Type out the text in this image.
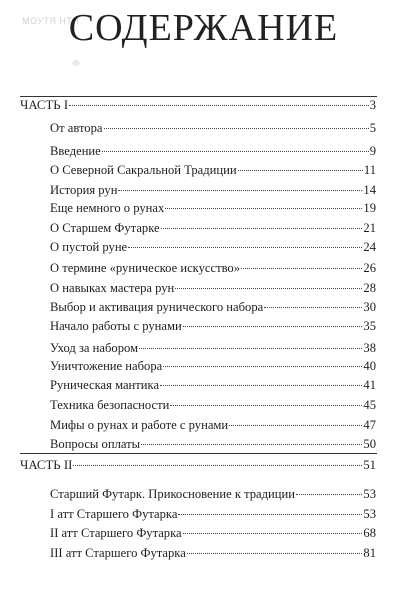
МОУТЯ НТЯ
СОДЕРЖАНИЕ
ЧАСТЬ I	3
От автора	5
Введение	9
О Северной Сакральной Традиции	11
История рун	14
Еще немного о рунах	19
О Старшем Футарке	21
О пустой руне	24
О термине «руническое искусство»	26
О навыках мастера рун	28
Выбор и активация рунического набора	30
Начало работы с рунами	35
Уход за набором	38
Уничтожение набора	40
Руническая мантика	41
Техника безопасности	45
Мифы о рунах и работе с рунами	47
Вопросы оплаты	50
ЧАСТЬ II	51
Старший Футарк. Прикосновение к традиции	53
I атт Старшего Футарка	53
II атт Старшего Футарка	68
III атт Старшего Футарка	81
